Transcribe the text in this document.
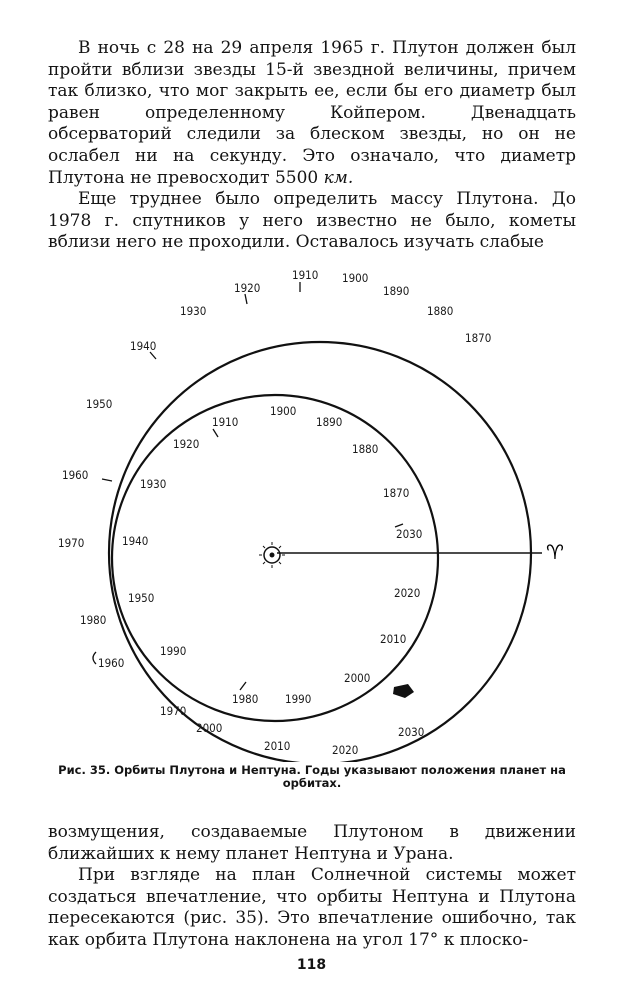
В ночь с 28 на 29 апреля 1965 г. Плутон должен был пройти вблизи звезды 15-й звездной величины, причем так близко, что мог закрыть ее, если бы его диаметр был равен определенному Койпером. Двенадцать обсерваторий следили за блеском звезды, но он не ослабел ни на секунду. Это означало, что диаметр Плутона не превосходит 5500 км.
Еще труднее было определить массу Плутона. До 1978 г. спутников у него известно не было, кометы вблизи него не проходили. Оставалось изучать слабые
♈
1910 1900
1890
1880
1870
1920
1930
1940
1950
1960
1970
1980
1960
1970
2000
2010	2020
2030
1900
1910	1890
1920	1880
1930
1870
1940	2030
1950	2020
2010
1990
2000
1980 1990
Рис. 35. Орбиты Плутона и Нептуна. Годы указывают положения планет на
орбитах.
возмущения, создаваемые Плутоном в движении ближайших к нему планет Нептуна и Урана.
При взгляде на план Солнечной системы может создаться впечатление, что орбиты Нептуна и Плутона пересекаются (рис. 35). Это впечатление ошибочно, так как орбита Плутона наклонена на угол 17° к плоско-
118
